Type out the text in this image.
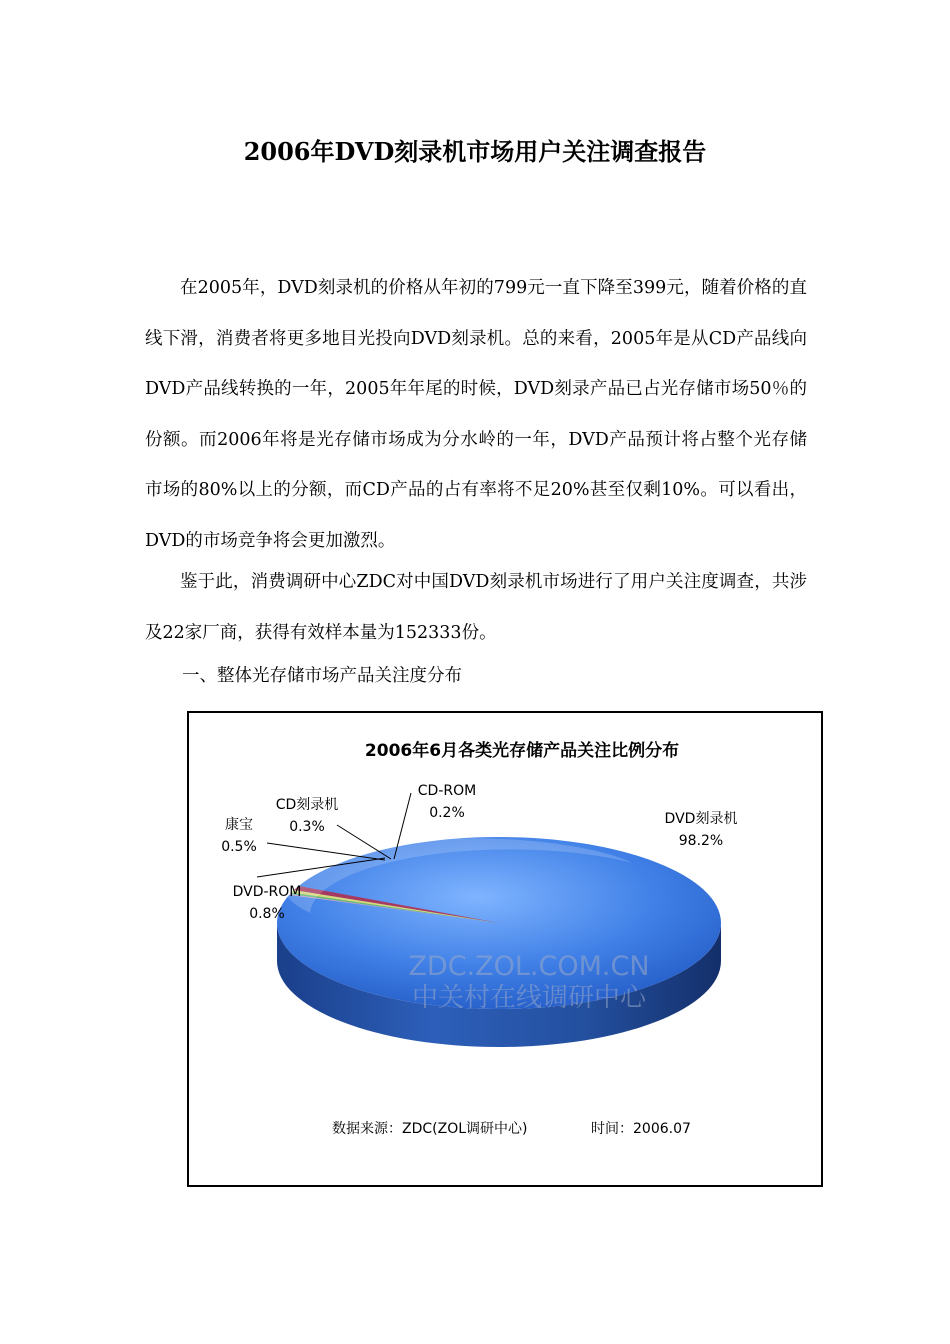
2006年DVD刻录机市场用户关注调查报告

在2005年，DVD刻录机的价格从年初的799元一直下降至399元，随着价格的直线下滑，消费者将更多地目光投向DVD刻录机。总的来看，2005年是从CD产品线向DVD产品线转换的一年，2005年年尾的时候，DVD刻录产品已占光存储市场50％的份额。而2006年将是光存储市场成为分水岭的一年，DVD产品预计将占整个光存储市场的80%以上的分额，而CD产品的占有率将不足20%甚至仅剩10%。可以看出，DVD的市场竞争将会更加激烈。

鉴于此，消费调研中心ZDC对中国DVD刻录机市场进行了用户关注度调查，共涉及22家厂商，获得有效样本量为152333份。

一、整体光存储市场产品关注度分布
2006年6月各类光存储产品关注比例分布
DVD刻录机
98.2%
CD-ROM
0.2%
CD刻录机
0.3%
康宝
0.5%
DVD-ROM
0.8%
ZDC.ZOL.COM.CN
中关村在线调研中心
数据来源：ZDC(ZOL调研中心)	时间：2006.07
